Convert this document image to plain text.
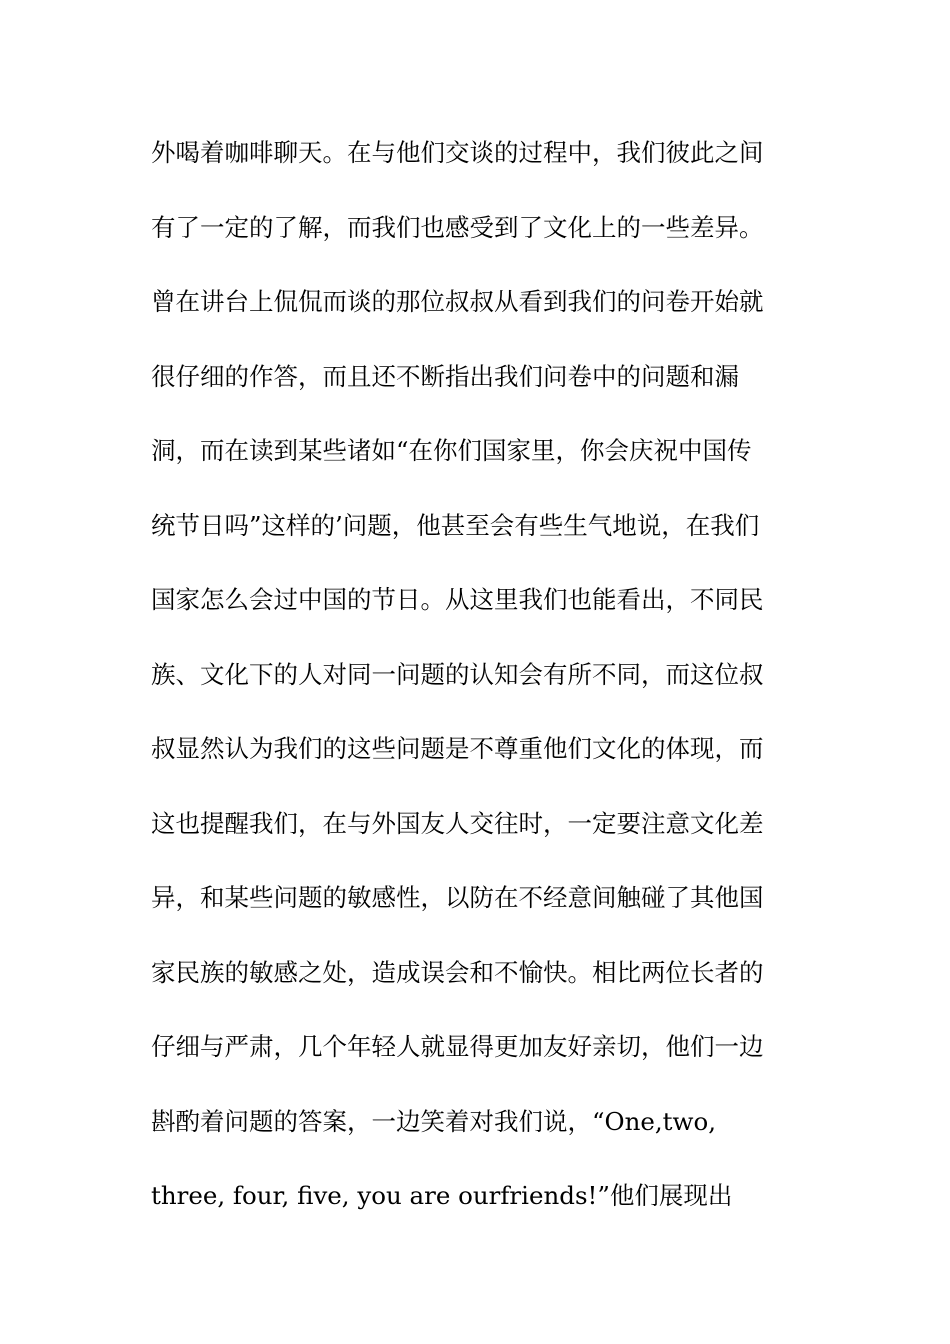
外喝着咖啡聊天。在与他们交谈的过程中，我们彼此之间
有了一定的了解，而我们也感受到了文化上的一些差异。
曾在讲台上侃侃而谈的那位叔叔从看到我们的问卷开始就
很仔细的作答，而且还不断指出我们问卷中的问题和漏
洞，而在读到某些诸如“在你们国家里，你会庆祝中国传
统节日吗”这样的’问题，他甚至会有些生气地说，在我们
国家怎么会过中国的节日。从这里我们也能看出，不同民
族、文化下的人对同一问题的认知会有所不同，而这位叔
叔显然认为我们的这些问题是不尊重他们文化的体现，而
这也提醒我们，在与外国友人交往时，一定要注意文化差
异，和某些问题的敏感性，以防在不经意间触碰了其他国
家民族的敏感之处，造成误会和不愉快。相比两位长者的
仔细与严肃，几个年轻人就显得更加友好亲切，他们一边
斟酌着问题的答案，一边笑着对我们说，“One,two,
three, four, five, you are ourfriends!”他们展现出
